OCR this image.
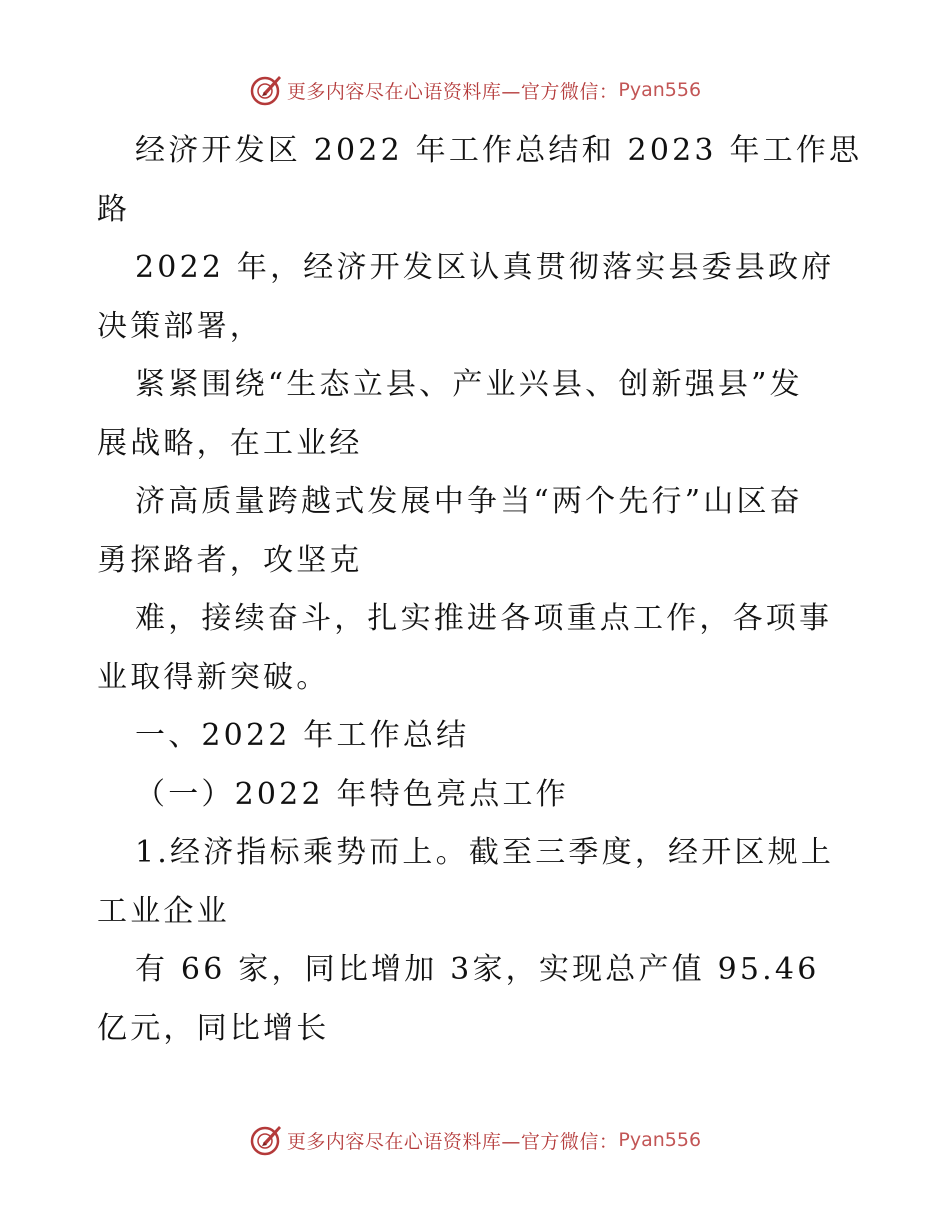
更多内容尽在心语资料库—官方微信： Pyan556

经济开发区 2022 年工作总结和 2023 年工作思
路

2022 年，经济开发区认真贯彻落实县委县政府
决策部署，

紧紧围绕“生态立县、产业兴县、创新强县”发
展战略，在工业经

济高质量跨越式发展中争当“两个先行”山区奋
勇探路者，攻坚克

难，接续奋斗，扎实推进各项重点工作，各项事
业取得新突破。

一、2022 年工作总结

（一）2022 年特色亮点工作

1.经济指标乘势而上。截至三季度，经开区规上
工业企业

有 66 家，同比增加 3家，实现总产值 95.46
亿元，同比增长

更多内容尽在心语资料库—官方微信： Pyan556
